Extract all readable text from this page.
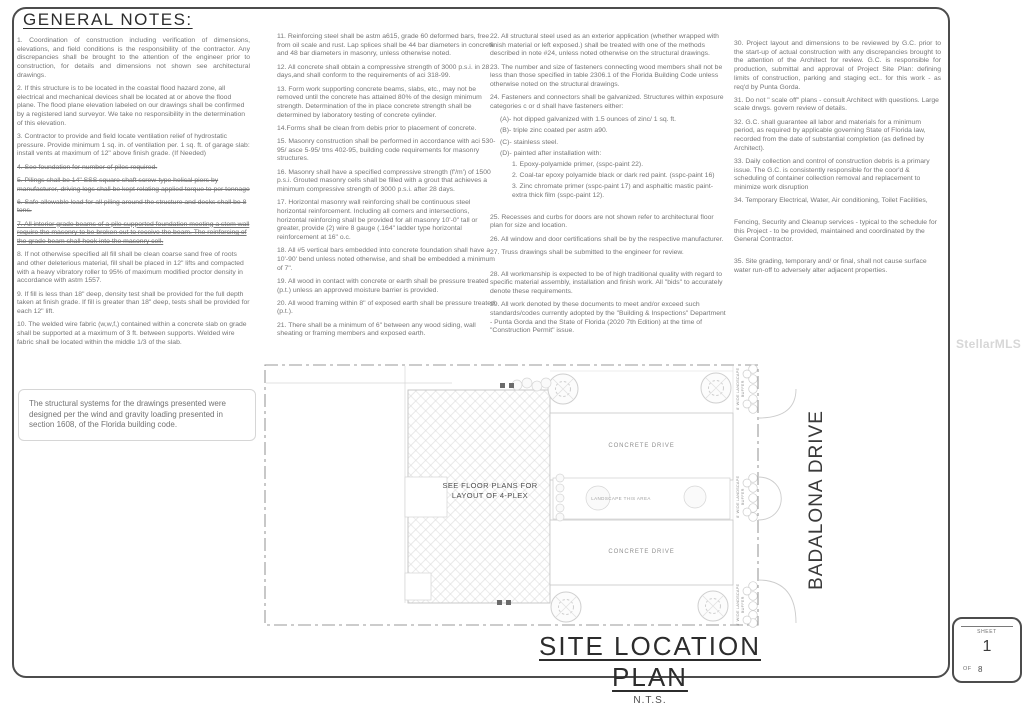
GENERAL NOTES:

1. Coordination of construction including verification of dimensions, elevations, and field conditions is the responsibility of the contractor. Any discrepancies shall be brought to the attention of the engineer prior to construction, for details and dimensions not shown see architectural drawings.

2. If this structure is to be located in the coastal flood hazard zone, all electrical and mechanical devices shall be located at or above the flood plane. The flood plane elevation labeled on our drawings shall be confirmed by a registered land surveyor. We take no responsibility in the determination of this elevation.

3. Contractor to provide and field locate ventilation relief of hydrostatic pressure. Provide minimum 1 sq. in. of ventilation per. 1 sq. ft. of garage slab: install vents at maximum of 12" above finish grade. (If Needed)

4. See foundation for number of piles required.

5. Pilings shall be 14" SSS square shaft screw-type helical piers by manufacturer, driving logs shall be kept relating applied torque to per tonnage

6. Safe allowable load for all piling around the structure and decks shall be 8 tons.

7. All interior grade beams of a pile supported foundation meeting a stem wall require the masonry to be broken out to receive the beam. The reinforcing of the grade beam shall hook into the masonry cell.

8. If not otherwise specified all fill shall be clean coarse sand free of roots and other deleterious material, fill shall be placed in 12" lifts and compacted with a heavy vibratory roller to 95% of maximum modified proctor density in accordance with astm 1557.

9. If fill is less than 18" deep, density test shall be provided for the full depth taken at finish grade. If fill is greater than 18" deep, tests shall be provided for each 12" lift.

10. The welded wire fabric (w,w,f,) contained within a concrete slab on grade shall be supported at a maximum of 3 ft. between supports. Welded wire fabric shall be located within the middle 1/3 of the slab.

11. Reinforcing steel shall be astm a615, grade 60 deformed bars, free from oil scale and rust. Lap splices shall be 44 bar diameters in concrete and 48 bar diameters in masonry, unless otherwise noted.

12. All concrete shall obtain a compressive strength of 3000 p.s.i. in 28 days,and shall conform to the requirements of aci 318-99.

13. Form work supporting concrete beams, slabs, etc., may not be removed until the concrete has attained 80% of the design minimum strength. Determination of the in place concrete strength shall be determined by laboratory testing of concrete cylinder.

14.Forms shall be clean from debis prior to placement of concrete.

15. Masonry construction shall be performed in accordance with aci 530-95/ asce 5-95/ tms 402-95, building code requirements for masonry structures.

16. Masonry shall have a specified compressive strength (f'/m') of 1500 p.s.i. Grouted masonry cells shall be filled with a grout that achieves a minimum compressive strength of 3000 p.s.i. after 28 days.

17. Horizontal masonry wall reinforcing shall be continuous steel horizontal reinforcement. Including all corners and intersections, horizontal reinforcing shall be provided for all masonry 10'-0" tall or greater, provide (2) wire 8 gauge (.164" ladder type horizontal reinforcement at 16" o.c.

18. All #5 vertical bars embedded into concrete foundation shall have a 10'-90' bend unless noted otherwise, and shall be embedded a minimum of 7".

19. All wood in contact with concrete or earth shall be pressure treated (p.t.) unless an approved moisture barrier is provided.

20. All wood framing within 8" of exposed earth shall be pressure treated (p.t.).

21. There shall be a minimum of 6" between any wood siding, wall sheating or framing members and exposed earth.

22. All structural steel used as an exterior application (whether wrapped with finish material or left exposed.) shall be treated with one of the methods described in note #24, unless noted otherwise on the structural drawings.

23. The number and size of fasteners connecting wood members shall not be less than those specified in table 2306.1 of the Florida Building Code unless otherwise noted on the structural drawings.

24. Fasteners and connectors shall be galvanized. Structures within exposure categories c or d shall have fasteners either:

(A)- hot dipped galvanized with 1.5 ounces of zinc/ 1 sq. ft.

(B)- triple zinc coated per astm a90.

(C)- stainless steel.

(D)- painted after installation with:

1. Epoxy-polyamide primer, (sspc-paint 22).

2. Coal-tar epoxy polyamide black or dark red paint. (sspc-paint 16)

3. Zinc chromate primer (sspc-paint 17) and asphaltic mastic paint-extra thick film (sspc-paint 12).

25. Recesses and curbs for doors are not shown refer to architectural floor plan for size and location.

26. All window and door certifications shall be by the respective manufacturer.

27. Truss drawings shall be submitted to the engineer for review.

28. All workmanship is expected to be of high traditional quality with regard to specific material assembly, installation and finish work. All "bids" to accurately denote these requirements.

29. All work denoted by these documents to meet and/or exceed such standards/codes currently adopted by the "Building & Inspections" Department - Punta Gorda and the State of Florida (2020 7th Edition) at the time of "Construction Permit" issue.

30. Project layout and dimensions to be reviewed by G.C. prior to the start-up of actual construction with any discrepancies brought to the attention of the Architect for review. G.C. is responsible for production, submittal and approval of Project Site Plan: defining limits of construction, parking and staging ect.. for this work - as req'd by Punta Gorda.

31. Do not " scale off" plans - consult Architect with questions. Large scale drwgs. govern review of details.

32. G.C. shall guarantee all labor and materials for a minimum period, as required by applicable governing State of Florida law, recorded from the date of substantial completion (as defined by Architect).

33. Daily collection and control of construction debris is a primary issue. The G.C. is consistently responsible for the coor'd & scheduling of container collection removal and replacement to minimize work disruption

34. Temporary Electrical, Water, Air conditioning, Toilet Facilities,

Fencing, Security and Cleanup services - typical to the schedule for this Project - to be provided, maintained and coordinated by the General Contractor.

35. Site grading, temporary and/ or final, shall not cause surface water run-off to adversely alter adjacent properties.

The structural systems for the drawings presented were designed per the wind and gravity loading presented in section 1608, of the Florida building code.
SEE FLOOR PLANS FOR
LAYOUT OF 4-PLEX
CONCRETE DRIVE
CONCRETE DRIVE
LANDSCAPE THIS AREA
8' WIDE LANDSCAPE BUFFER
8' WIDE LANDSCAPE BUFFER
8' WIDE LANDSCAPE BUFFER
BADALONA DRIVE
SITE LOCATION PLAN
N.T.S.
StellarMLS
SHEET
1
OF 8
